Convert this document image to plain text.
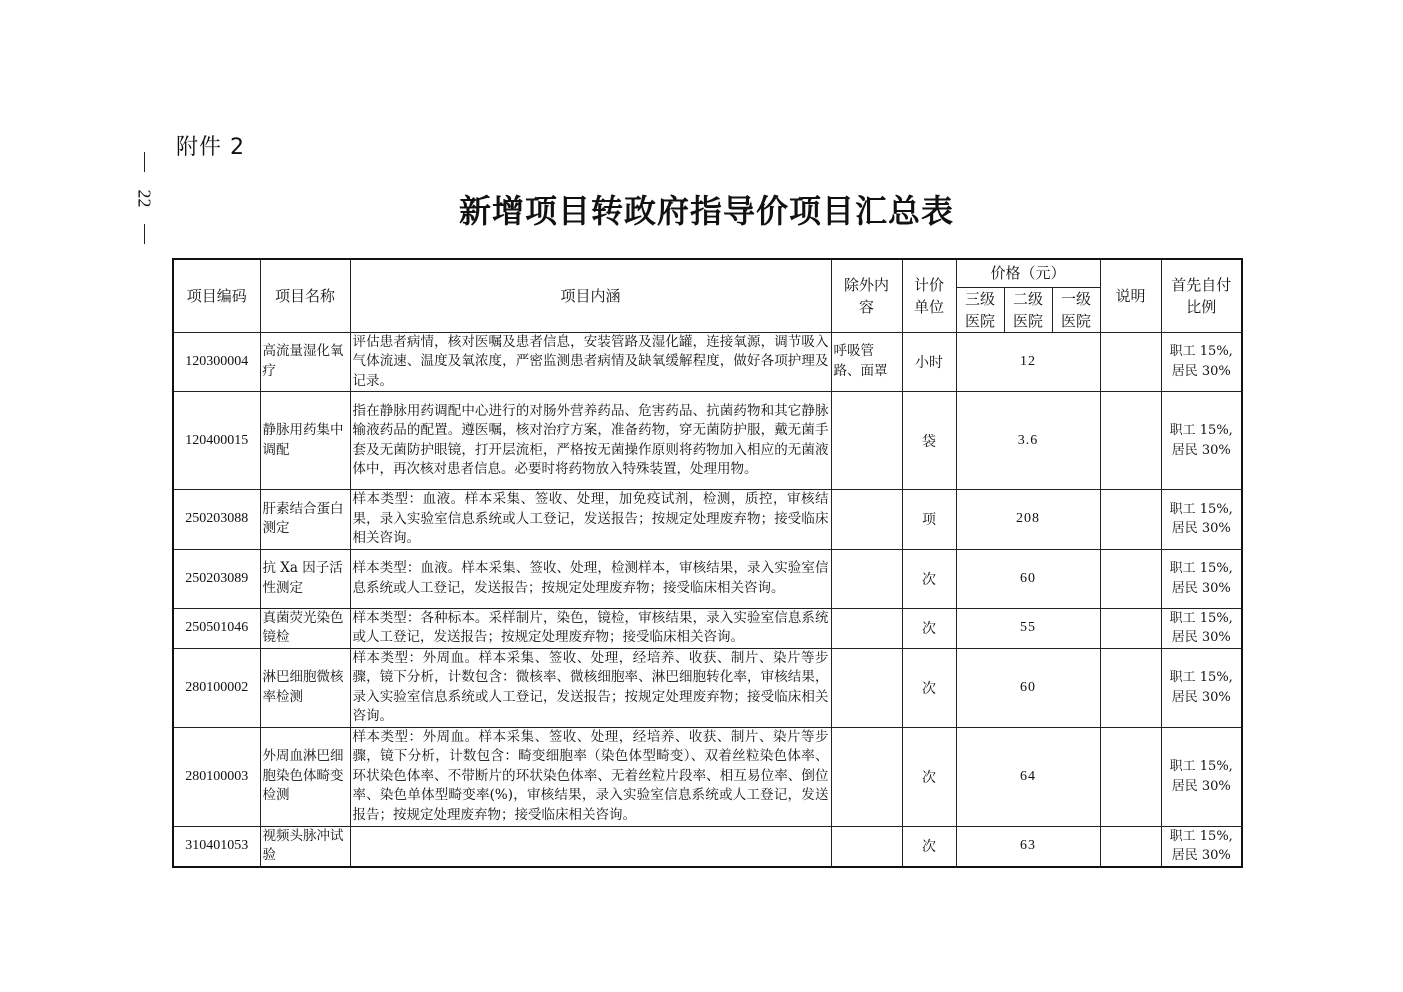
附件 2
22	新增项目转政府指导价项目汇总表
项目编码	项目名称	项目内涵	除外内容	计价单位	价格（元）			说明	首先自付比例
					三级医院	二级医院	一级医院		
120300004	高流量湿化氧疗	评估患者病情，核对医嘱及患者信息，安装管路及湿化罐，连接氧源，调节吸入气体流速、温度及氧浓度，严密监测患者病情及缺氧缓解程度，做好各项护理及记录。	呼吸管路、面罩	小时	12				职工 15%,
居民 30%
120400015	静脉用药集中调配	指在静脉用药调配中心进行的对肠外营养药品、危害药品、抗菌药物和其它静脉输液药品的配置。遵医嘱，核对治疗方案，准备药物，穿无菌防护服，戴无菌手套及无菌防护眼镜，打开层流柜，严格按无菌操作原则将药物加入相应的无菌液体中，再次核对患者信息。必要时将药物放入特殊装置，处理用物。		袋	3.6				职工 15%,
居民 30%
250203088	肝素结合蛋白测定	样本类型：血液。样本采集、签收、处理，加免疫试剂，检测，质控，审核结果，录入实验室信息系统或人工登记，发送报告；按规定处理废弃物；接受临床相关咨询。		项	208				职工 15%,
居民 30%
250203089	抗 Xa 因子活性测定	样本类型：血液。样本采集、签收、处理，检测样本，审核结果，录入实验室信息系统或人工登记，发送报告；按规定处理废弃物；接受临床相关咨询。		次	60				职工 15%,
居民 30%
250501046	真菌荧光染色镜检	样本类型：各种标本。采样制片，染色，镜检，审核结果，录入实验室信息系统或人工登记，发送报告；按规定处理废弃物；接受临床相关咨询。		次	55				职工 15%,
居民 30%
280100002	淋巴细胞微核率检测	样本类型：外周血。样本采集、签收、处理，经培养、收获、制片、染片等步骤，镜下分析，计数包含：微核率、微核细胞率、淋巴细胞转化率，审核结果，录入实验室信息系统或人工登记，发送报告；按规定处理废弃物；接受临床相关咨询。		次	60				职工 15%,
居民 30%
280100003	外周血淋巴细胞染色体畸变检测	样本类型：外周血。样本采集、签收、处理，经培养、收获、制片、染片等步骤，镜下分析，计数包含：畸变细胞率（染色体型畸变）、双着丝粒染色体率、环状染色体率、不带断片的环状染色体率、无着丝粒片段率、相互易位率、倒位率、染色单体型畸变率(%)，审核结果，录入实验室信息系统或人工登记，发送报告；按规定处理废弃物；接受临床相关咨询。		次	64				职工 15%,
居民 30%
310401053	视频头脉冲试验			次	63				职工 15%,
居民 30%
